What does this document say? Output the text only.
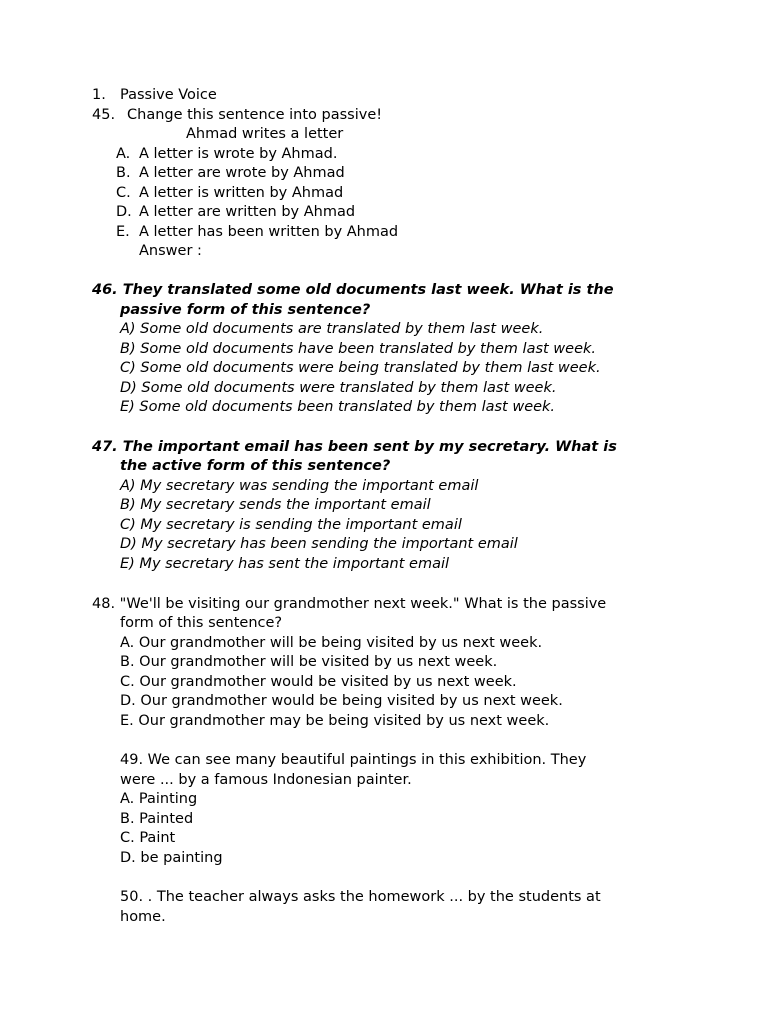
1. Passive Voice
45. Change this sentence into passive!
Ahmad writes a letter
A. A letter is wrote by Ahmad.
B. A letter are wrote by Ahmad
C. A letter is written by Ahmad
D. A letter are written by Ahmad
E. A letter has been written by Ahmad
Answer :
46. They translated some old documents last week. What is the
passive form of this sentence?
A) Some old documents are translated by them last week.
B) Some old documents have been translated by them last week.
C) Some old documents were being translated by them last week.
D) Some old documents were translated by them last week.
E) Some old documents been translated by them last week.
47. The important email has been sent by my secretary. What is
the active form of this sentence?
A) My secretary was sending the important email
B) My secretary sends the important email
C) My secretary is sending the important email
D) My secretary has been sending the important email
E) My secretary has sent the important email
48. "We'll be visiting our grandmother next week." What is the passive
form of this sentence?
A. Our grandmother will be being visited by us next week.
B. Our grandmother will be visited by us next week.
C. Our grandmother would be visited by us next week.
D. Our grandmother would be being visited by us next week.
E. Our grandmother may be being visited by us next week.
49. We can see many beautiful paintings in this exhibition. They
were ... by a famous Indonesian painter.
A. Painting
B. Painted
C. Paint
D. be painting
50. . The teacher always asks the homework ... by the students at
home.
